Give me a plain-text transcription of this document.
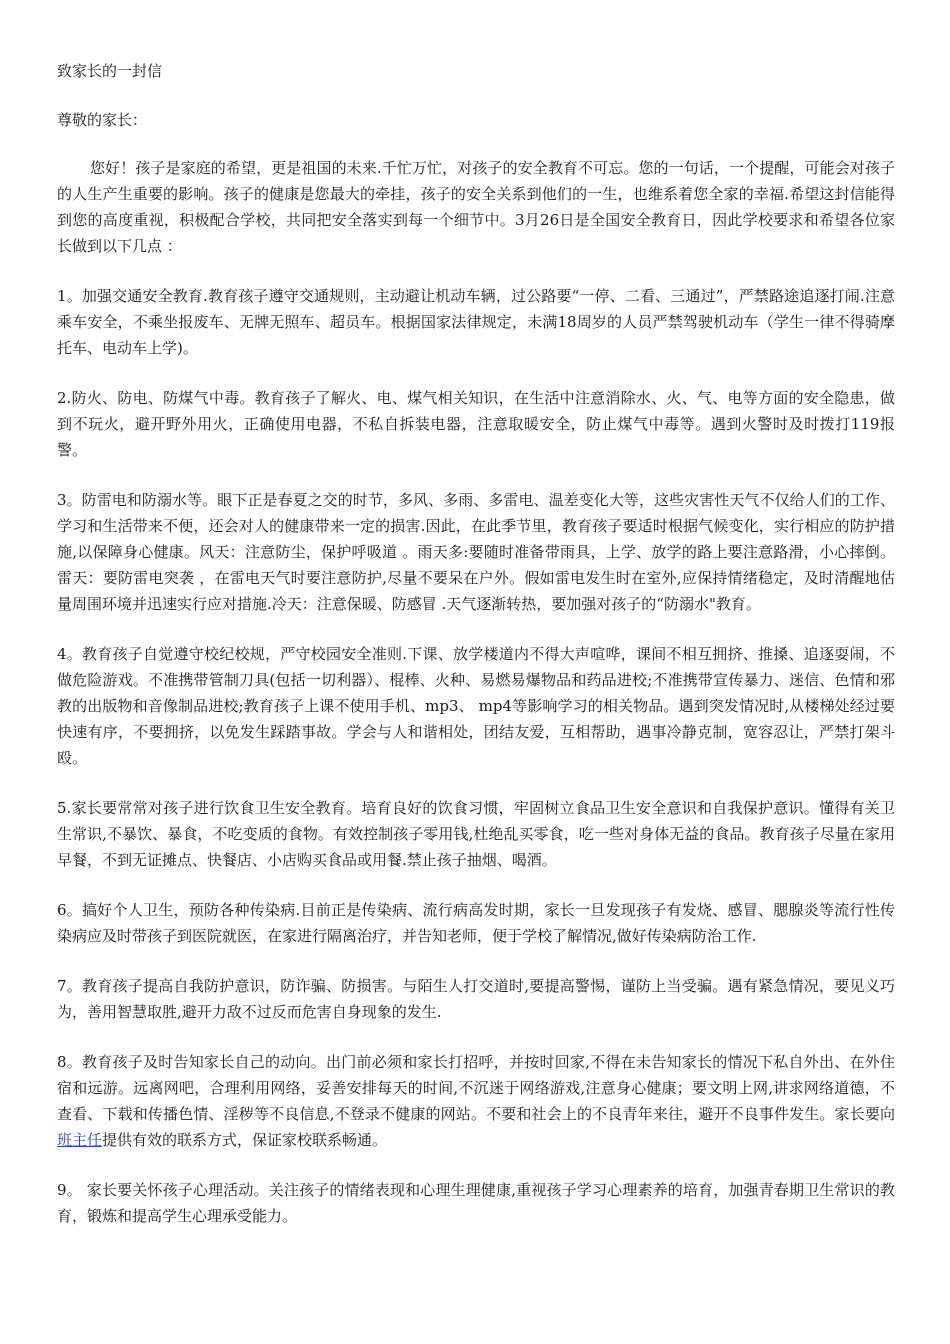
致家长的一封信

尊敬的家长：

您好！孩子是家庭的希望，更是祖国的未来.千忙万忙，对孩子的安全教育不可忘。您的一句话，一个提醒，可能会对孩子的人生产生重要的影响。孩子的健康是您最大的牵挂，孩子的安全关系到他们的一生，也维系着您全家的幸福.希望这封信能得到您的高度重视，积极配合学校，共同把安全落实到每一个细节中。3月26日是全国安全教育日，因此学校要求和希望各位家长做到以下几点 ：

1。加强交通安全教育.教育孩子遵守交通规则，主动避让机动车辆，过公路要“一停、二看、三通过”，严禁路途追逐打闹.注意乘车安全，不乘坐报废车、无牌无照车、超员车。根据国家法律规定，未满18周岁的人员严禁驾驶机动车（学生一律不得骑摩托车、电动车上学)。

2.防火、防电、防煤气中毒。教育孩子了解火、电、煤气相关知识，在生活中注意消除水、火、气、电等方面的安全隐患，做到不玩火，避开野外用火，正确使用电器，不私自拆装电器，注意取暖安全，防止煤气中毒等。遇到火警时及时拨打119报警。

3。防雷电和防溺水等。眼下正是春夏之交的时节，多风、多雨、多雷电、温差变化大等，这些灾害性天气不仅给人们的工作、学习和生活带来不便，还会对人的健康带来一定的损害.因此，在此季节里，教育孩子要适时根据气候变化，实行相应的防护措施,以保障身心健康。风天：注意防尘，保护呼吸道 。雨天多:要随时准备带雨具，上学、放学的路上要注意路滑，小心摔倒。雷天：要防雷电突袭 ，在雷电天气时要注意防护,尽量不要呆在户外。假如雷电发生时在室外,应保持情绪稳定，及时清醒地估量周围环境并迅速实行应对措施.冷天：注意保暖、防感冒 .天气逐渐转热，要加强对孩子的“防溺水"教育。

4。教育孩子自觉遵守校纪校规，严守校园安全准则.下课、放学楼道内不得大声喧哗，课间不相互拥挤、推搡、追逐耍闹，不做危险游戏。不准携带管制刀具(包括一切利器）、棍棒、火种、易燃易爆物品和药品进校;不准携带宣传暴力、迷信、色情和邪教的出版物和音像制品进校;教育孩子上课不使用手机、mp3、 mp4等影响学习的相关物品。遇到突发情况时,从楼梯处经过要快速有序，不要拥挤，以免发生踩踏事故。学会与人和谐相处，团结友爱，互相帮助，遇事冷静克制，宽容忍让，严禁打架斗殴。

5.家长要常常对孩子进行饮食卫生安全教育。培育良好的饮食习惯，牢固树立食品卫生安全意识和自我保护意识。懂得有关卫生常识,不暴饮、暴食，不吃变质的食物。有效控制孩子零用钱,杜绝乱买零食，吃一些对身体无益的食品。教育孩子尽量在家用早餐，不到无证摊点、快餐店、小店购买食品或用餐.禁止孩子抽烟、喝酒。

6。搞好个人卫生，预防各种传染病.目前正是传染病、流行病高发时期，家长一旦发现孩子有发烧、感冒、腮腺炎等流行性传染病应及时带孩子到医院就医，在家进行隔离治疗，并告知老师，便于学校了解情况,做好传染病防治工作.

7。教育孩子提高自我防护意识，防诈骗、防损害。与陌生人打交道时,要提高警惕，谨防上当受骗。遇有紧急情况，要见义巧为，善用智慧取胜,避开力敌不过反而危害自身现象的发生.

8。教育孩子及时告知家长自己的动向。出门前必须和家长打招呼，并按时回家,不得在未告知家长的情况下私自外出、在外住宿和远游。远离网吧，合理利用网络，妥善安排每天的时间,不沉迷于网络游戏,注意身心健康；要文明上网,讲求网络道德，不查看、下载和传播色情、淫秽等不良信息,不登录不健康的网站。不要和社会上的不良青年来往，避开不良事件发生。家长要向班主任提供有效的联系方式，保证家校联系畅通。

9。 家长要关怀孩子心理活动。关注孩子的情绪表现和心理生理健康,重视孩子学习心理素养的培育，加强青春期卫生常识的教育，锻炼和提高学生心理承受能力。
